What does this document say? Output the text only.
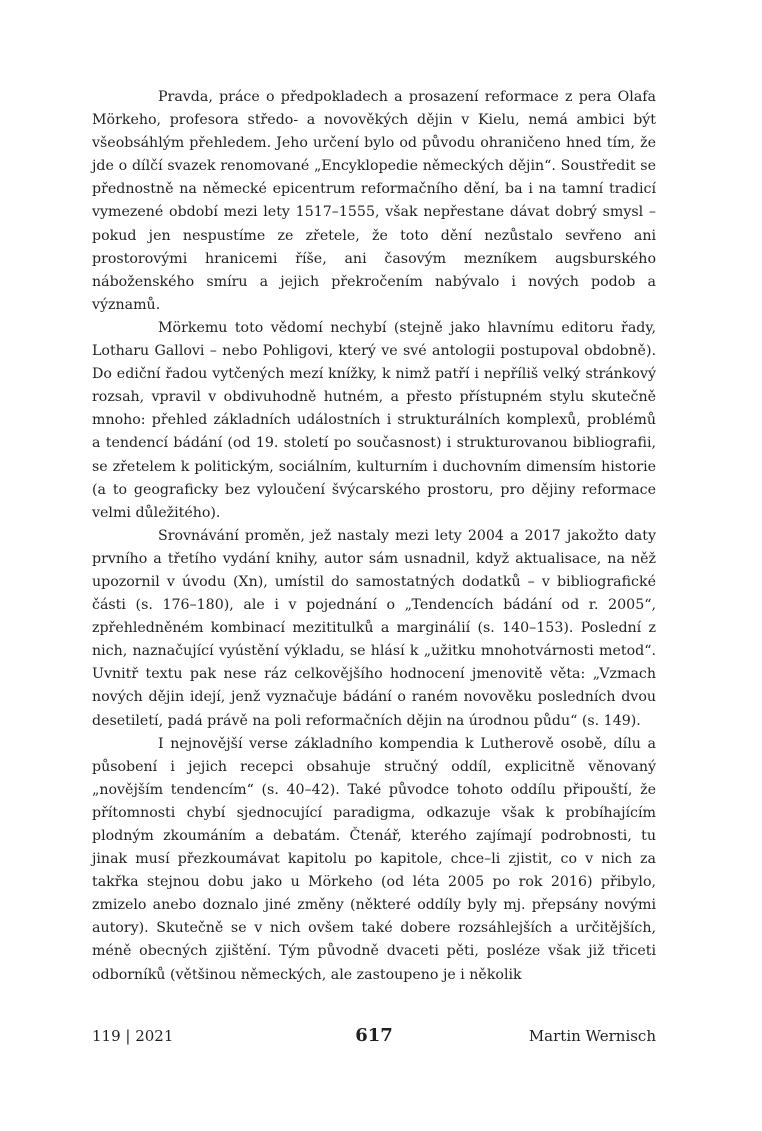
Pravda, práce o předpokladech a prosazení reformace z pera Olafa Mörkeho, profesora středo- a novověkých dějin v Kielu, nemá ambici být všeobsáhlým přehledem. Jeho určení bylo od původu ohraničeno hned tím, že jde o dílčí svazek renomované „Encyklopedie německých dějin“. Soustředit se přednostně na německé epicentrum reformačního dění, ba i na tamní tradicí vymezené období mezi lety 1517–1555, však nepřestane dávat dobrý smysl – pokud jen nespustíme ze zřetele, že toto dění nezůstalo sevřeno ani prostorovými hranicemi říše, ani časovým mezníkem augsburského náboženského smíru a jejich překročením nabývalo i nových podob a významů.

Mörkemu toto vědomí nechybí (stejně jako hlavnímu editoru řady, Lotharu Gallovi – nebo Pohligovi, který ve své antologii postupoval obdobně). Do ediční řadou vytčených mezí knížky, k nimž patří i nepříliš velký stránkový rozsah, vpravil v obdivuhodně hutném, a přesto přístupném stylu skutečně mnoho: přehled základních událostních i strukturálních komplexů, problémů a tendencí bádání (od 19. století po současnost) i strukturovanou bibliografii, se zřetelem k politickým, sociálním, kulturním i duchovním dimensím historie (a to geograficky bez vyloučení švýcarského prostoru, pro dějiny reformace velmi důležitého).

Srovnávání proměn, jež nastaly mezi lety 2004 a 2017 jakožto daty prvního a třetího vydání knihy, autor sám usnadnil, když aktualisace, na něž upozornil v úvodu (Xn), umístil do samostatných dodatků – v bibliografické části (s. 176–180), ale i v pojednání o „Tendencích bádání od r. 2005“, zpřehledněném kombinací mezititulků a marginálií (s. 140–153). Poslední z nich, naznačující vyústění výkladu, se hlásí k „užitku mnohotvárnosti metod“. Uvnitř textu pak nese ráz celkovějšího hodnocení jmenovitě věta: „Vzmach nových dějin idejí, jenž vyznačuje bádání o raném novověku posledních dvou desetiletí, padá právě na poli reformačních dějin na úrodnou půdu“ (s. 149).

I nejnovější verse základního kompendia k Lutherově osobě, dílu a působení i jejich recepci obsahuje stručný oddíl, explicitně věnovaný „novějším tendencím“ (s. 40–42). Také původce tohoto oddílu připouští, že přítomnosti chybí sjednocující paradigma, odkazuje však k probíhajícím plodným zkoumáním a debatám. Čtenář, kterého zajímají podrobnosti, tu jinak musí přezkoumávat kapitolu po kapitole, chce–li zjistit, co v nich za takřka stejnou dobu jako u Mörkeho (od léta 2005 po rok 2016) přibylo, zmizelo anebo doznalo jiné změny (některé oddíly byly mj. přepsány novými autory). Skutečně se v nich ovšem také dobere rozsáhlejších a určitějších, méně obecných zjištění. Tým původně dvaceti pěti, posléze však již třiceti odborníků (většinou německých, ale zastoupeno je i několik

119 | 2021	617	Martin Wernisch
